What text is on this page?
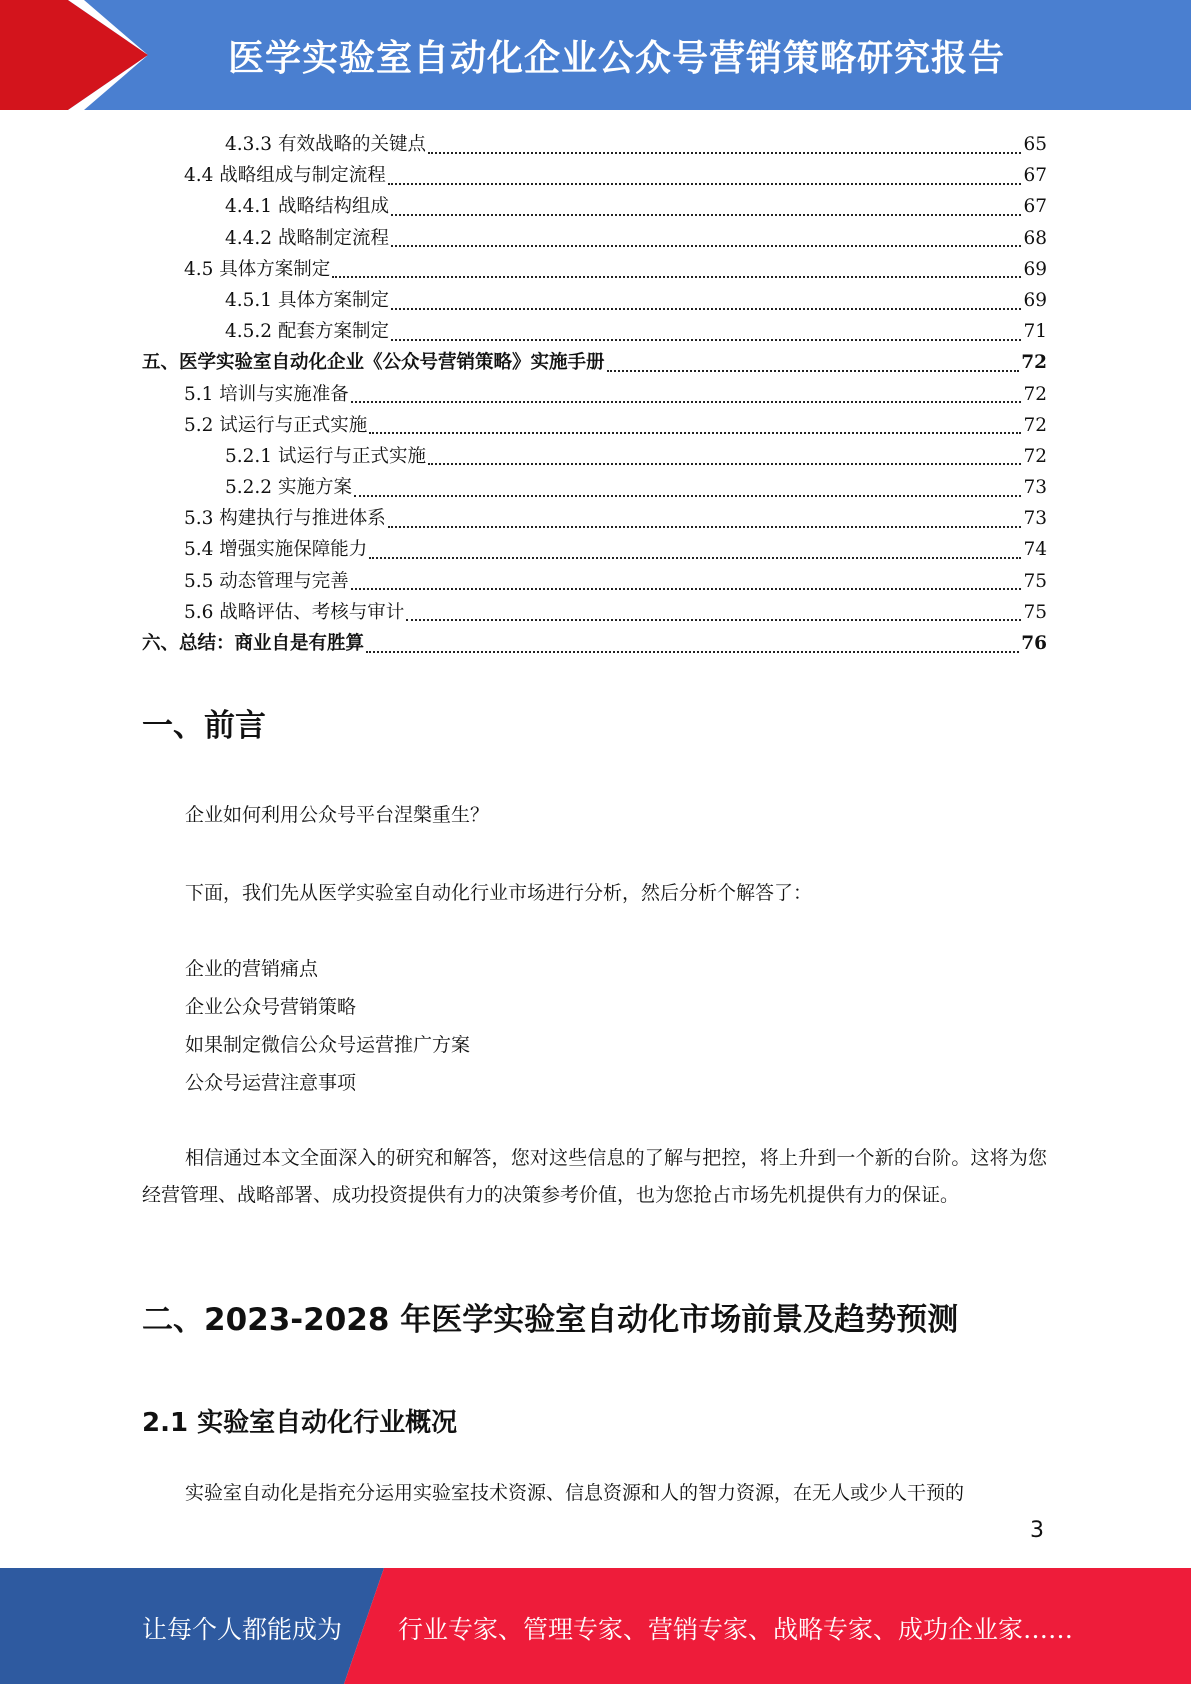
医学实验室自动化企业公众号营销策略研究报告
4.3.3 有效战略的关键点	65
4.4 战略组成与制定流程	67
4.4.1 战略结构组成	67
4.4.2 战略制定流程	68
4.5 具体方案制定	69
4.5.1 具体方案制定	69
4.5.2 配套方案制定	71
五、医学实验室自动化企业《公众号营销策略》实施手册	72
5.1 培训与实施准备	72
5.2 试运行与正式实施	72
5.2.1 试运行与正式实施	72
5.2.2 实施方案	73
5.3 构建执行与推进体系	73
5.4 增强实施保障能力	74
5.5 动态管理与完善	75
5.6 战略评估、考核与审计	75
六、总结：商业自是有胜算	76
一、前言
企业如何利用公众号平台涅槃重生？
下面，我们先从医学实验室自动化行业市场进行分析，然后分析个解答了：
企业的营销痛点
企业公众号营销策略
如果制定微信公众号运营推广方案
公众号运营注意事项
相信通过本文全面深入的研究和解答，您对这些信息的了解与把控，将上升到一个新的台阶。这将为您经营管理、战略部署、成功投资提供有力的决策参考价值，也为您抢占市场先机提供有力的保证。
二、2023-2028 年医学实验室自动化市场前景及趋势预测
2.1 实验室自动化行业概况
实验室自动化是指充分运用实验室技术资源、信息资源和人的智力资源，在无人或少人干预的
3
让每个人都能成为 行业专家、管理专家、营销专家、战略专家、成功企业家……
